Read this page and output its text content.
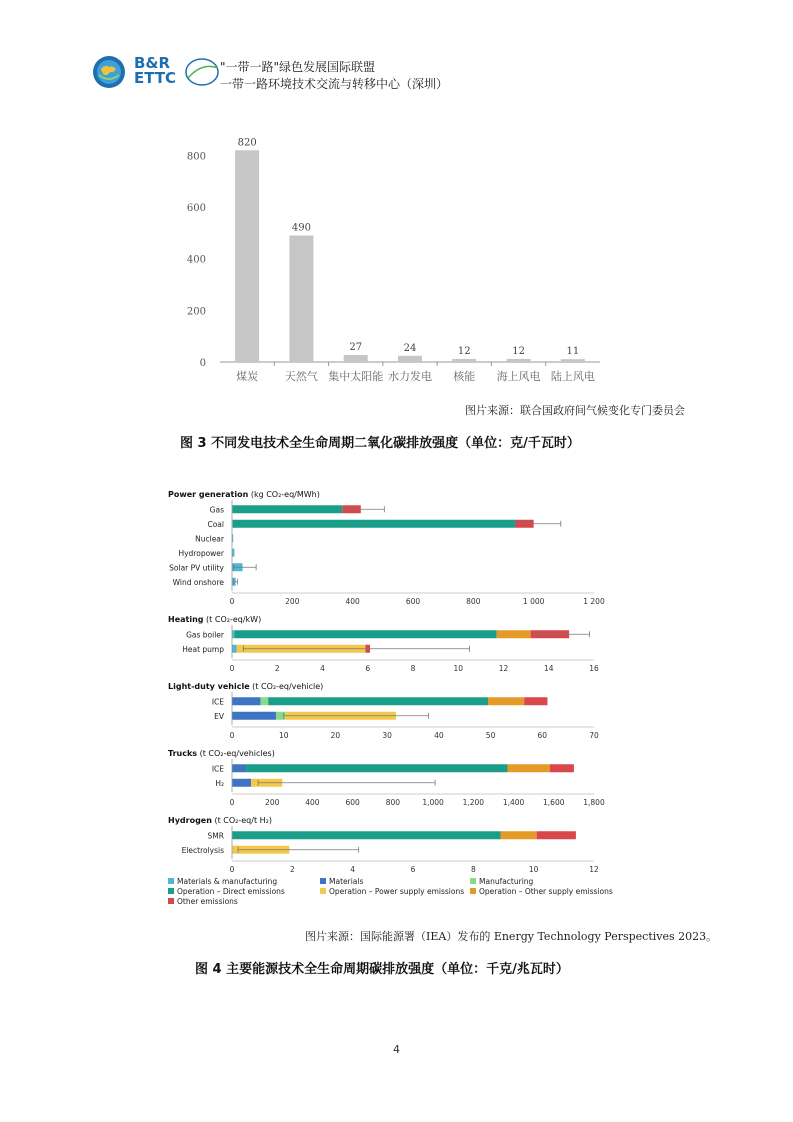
B&R
ETTC
"一带一路"绿色发展国际联盟
一带一路环境技术交流与转移中心（深圳）
0
200
400
600
800
820
煤炭
490
天然气
27
集中太阳能
24
水力发电
12
核能
12
海上风电
11
陆上风电
图片来源：联合国政府间气候变化专门委员会
图 3 不同发电技术全生命周期二氧化碳排放强度（单位：克/千瓦时）
Power generation (kg CO₂-eq/MWh)
Gas
Coal
Nuclear
Hydropower
Solar PV utility
Wind onshore
0	200	400	600	800	1 000	1 200
Heating (t CO₂-eq/kW)
Gas boiler
Heat pump
0	2	4	6	8	10	12	14	16
Light-duty vehicle (t CO₂-eq/vehicle)
ICE
EV
0	10	20	30	40	50	60	70
Trucks (t CO₂-eq/vehicles)
ICE
H₂
0	200	400	600	800	1,000 1,200 1,400 1,600 1,800
Hydrogen (t CO₂-eq/t H₂)
SMR
Electrolysis
0	2	4	6	8	10	12
Materials & manufacturing	Materials	Manufacturing
Operation – Direct emissions	Operation – Power supply emissions Operation – Other supply emissions
Other emissions
图片来源：国际能源署（IEA）发布的 Energy Technology Perspectives 2023。
图 4 主要能源技术全生命周期碳排放强度（单位：千克/兆瓦时）
4
